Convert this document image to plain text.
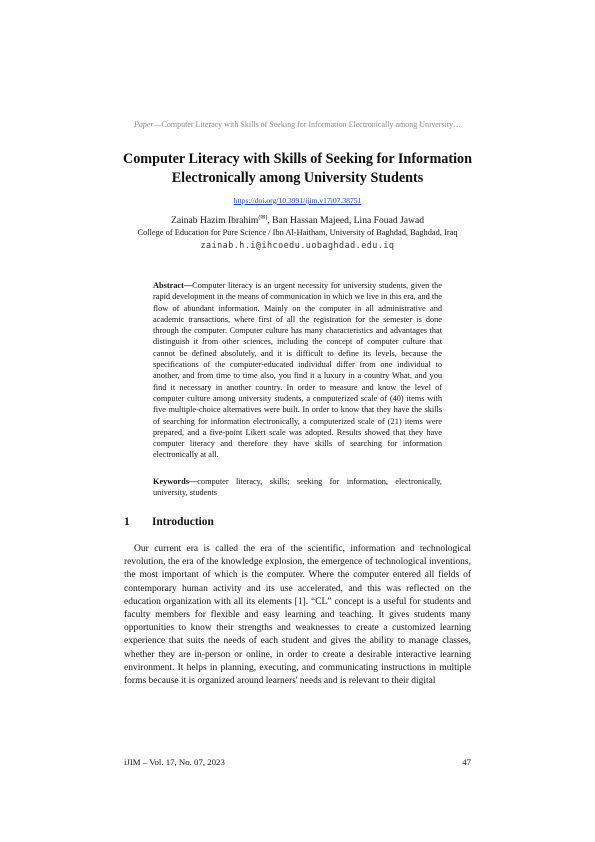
Paper—Computer Literacy with Skills of Seeking for Information Electronically among University…
Computer Literacy with Skills of Seeking for Information Electronically among University Students
https://doi.org/10.3991/ijim.v17i07.38751
Zainab Hazim Ibrahim(✉), Ban Hassan Majeed, Lina Fouad Jawad
College of Education for Pure Science / Ibn Al-Haitham, University of Baghdad, Baghdad, Iraq
zainab.h.i@ihcoedu.uobaghdad.edu.iq

Abstract—Computer literacy is an urgent necessity for university students, given the rapid development in the means of communication in which we live in this era, and the flow of abundant information. Mainly on the computer in all administrative and academic transactions, where first of all the registration for the semester is done through the computer. Computer culture has many characteristics and advantages that distinguish it from other sciences, including the concept of computer culture that cannot be defined absolutely, and it is difficult to define its levels, because the specifications of the computer-educated individual differ from one individual to another, and from time to time also, you find it a luxury in a country What, and you find it necessary in another country. In order to measure and know the level of computer culture among university students, a computerized scale of (40) items with five multiple-choice alternatives were built. In order to know that they have the skills of searching for information electronically, a computerized scale of (21) items were prepared, and a five-point Likert scale was adopted. Results showed that they have computer literacy and therefore they have skills of searching for information electronically at all.

Keywords—computer literacy, skills; seeking for information, electronically, university, students

1 Introduction

Our current era is called the era of the scientific, information and technological revolution, the era of the knowledge explosion, the emergence of technological inventions, the most important of which is the computer. Where the computer entered all fields of contemporary human activity and its use accelerated, and this was reflected on the education organization with all its elements [1]. “CL” concept is a useful for students and faculty members for flexible and easy learning and teaching. It gives students many opportunities to know their strengths and weaknesses to create a customized learning experience that suits the needs of each student and gives the ability to manage classes, whether they are in-person or online, in order to create a desirable interactive learning environment. It helps in planning, executing, and communicating instructions in multiple forms because it is organized around learners' needs and is relevant to their digital

iJIM – Vol. 17, No. 07, 2023	47
